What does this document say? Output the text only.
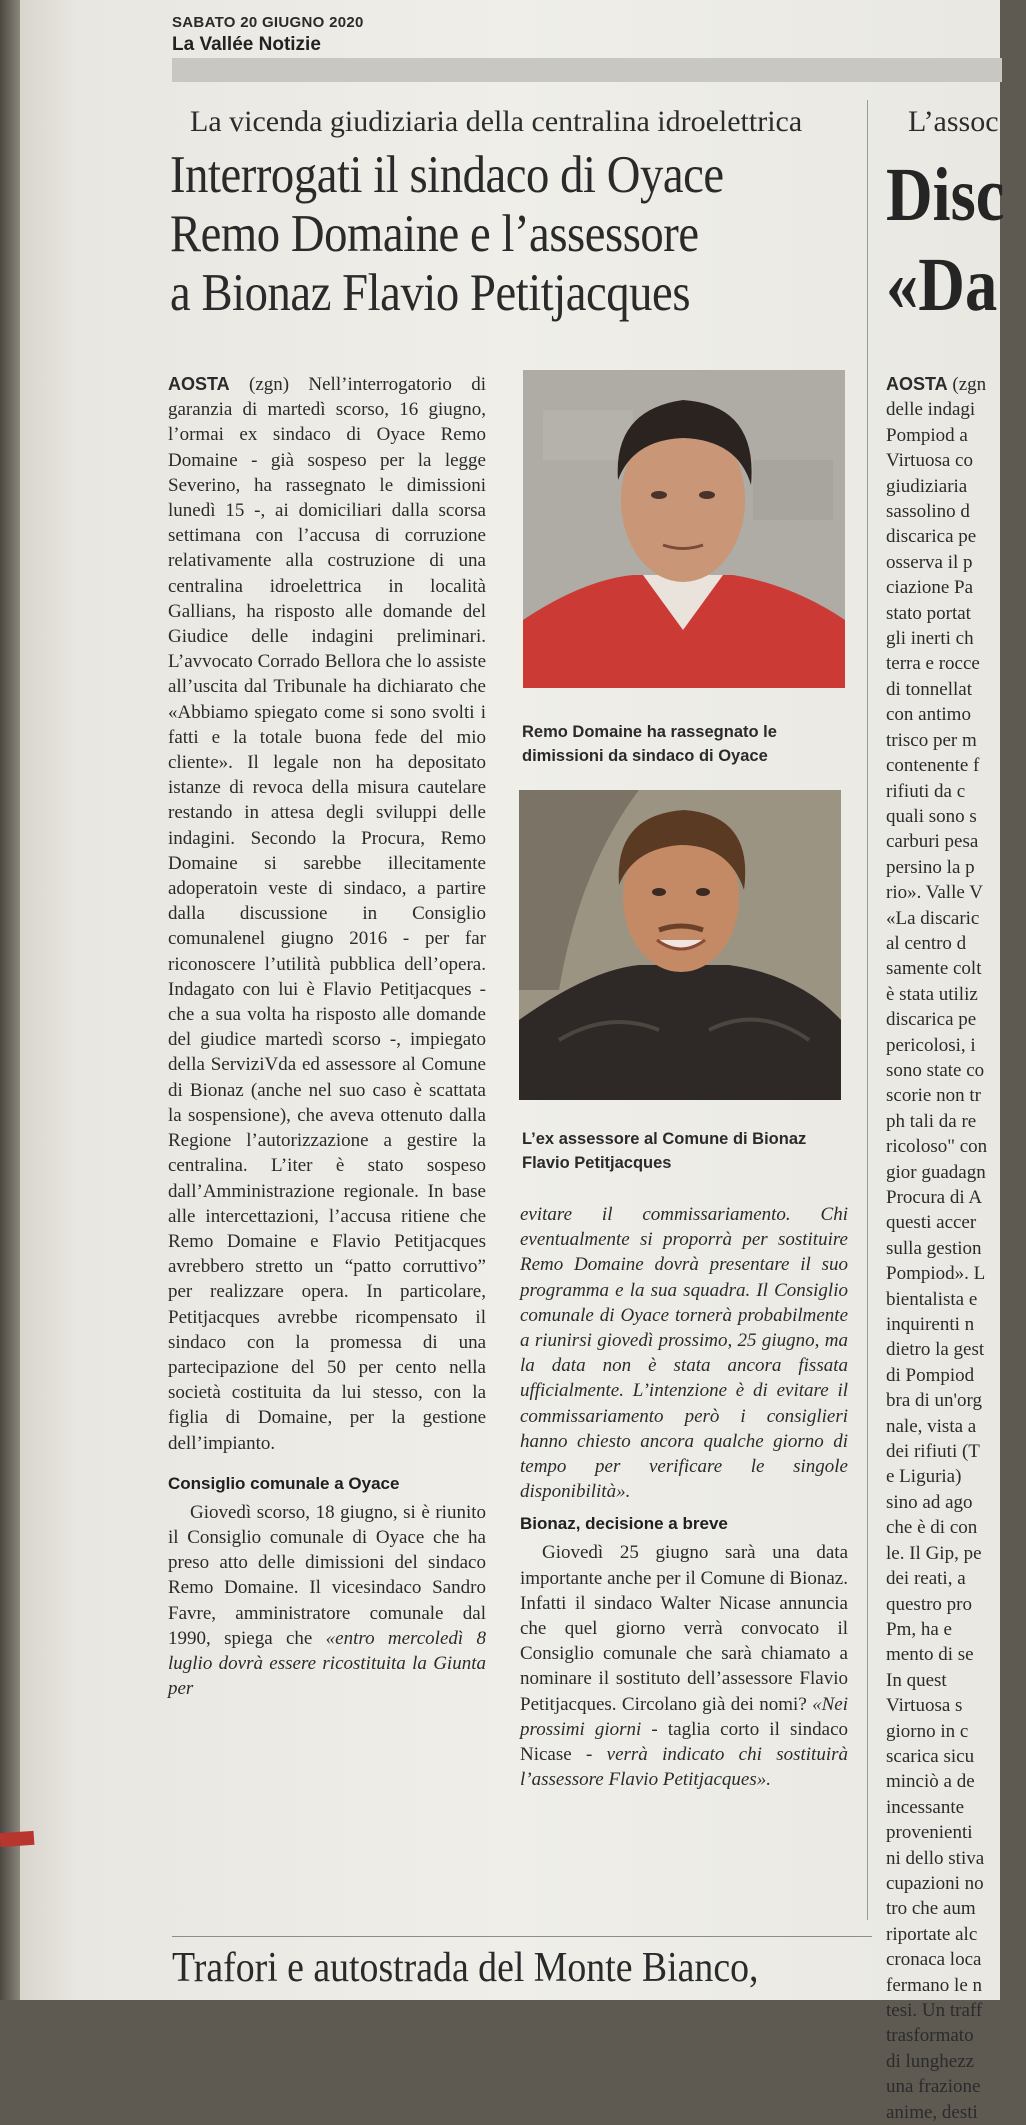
SABATO 20 GIUGNO 2020
La Vallée Notizie
La vicenda giudiziaria della centralina idroelettrica
Interrogati il sindaco di Oyace
Remo Domaine e l’assessore
a Bionaz Flavio Petitjacques
L’assoc
Disc
«Da

AOSTA (zgn) Nell’interrogatorio di garanzia di martedì scorso, 16 giugno, l’ormai ex sindaco di Oyace Remo Domaine - già sospeso per la legge Severino, ha rassegnato le dimissioni lunedì 15 -, ai domiciliari dalla scorsa settimana con l’accusa di corruzione relativamente alla costruzione di una centralina idroelettrica in località Gallians, ha risposto alle domande del Giudice delle indagini preliminari. L’avvocato Corrado Bellora che lo assiste all’uscita dal Tribunale ha dichiarato che «Abbiamo spiegato come si sono svolti i fatti e la totale buona fede del mio cliente». Il legale non ha depositato istanze di revoca della misura cautelare restando in attesa degli sviluppi delle indagini. Secondo la Procura, Remo Domaine si sarebbe illecitamente adoperatoin veste di sindaco, a partire dalla discussione in Consiglio comunalenel giugno 2016 - per far riconoscere l’utilità pubblica dell’opera. Indagato con lui è Flavio Petitjacques - che a sua volta ha risposto alle domande del giudice martedì scorso -, impiegato della ServiziVda ed assessore al Comune di Bionaz (anche nel suo caso è scattata la sospensione), che aveva ottenuto dalla Regione l’autorizzazione a gestire la centralina. L’iter è stato sospeso dall’Amministrazione regionale. In base alle intercettazioni, l’accusa ritiene che Remo Domaine e Flavio Petitjacques avrebbero stretto un “patto corruttivo” per realizzare opera. In particolare, Petitjacques avrebbe ricompensato il sindaco con la promessa di una partecipazione del 50 per cento nella società costituita da lui stesso, con la figlia di Domaine, per la gestione dell’impianto.

Consiglio comunale a Oyace

Giovedì scorso, 18 giugno, si è riunito il Consiglio comunale di Oyace che ha preso atto delle dimissioni del sindaco Remo Domaine. Il vicesindaco Sandro Favre, amministratore comunale dal 1990, spiega che «entro mercoledì 8 luglio dovrà essere ricostituita la Giunta per

Remo Domaine ha rassegnato le dimissioni da sindaco di Oyace
L’ex assessore al Comune di Bionaz Flavio Petitjacques

evitare il commissariamento. Chi eventualmente si proporrà per sostituire Remo Domaine dovrà presentare il suo programma e la sua squadra. Il Consiglio comunale di Oyace tornerà probabilmente a riunirsi giovedì prossimo, 25 giugno, ma la data non è stata ancora fissata ufficialmente. L’intenzione è di evitare il commissariamento però i consiglieri hanno chiesto ancora qualche giorno di tempo per verificare le singole disponibilità».

Bionaz, decisione a breve

Giovedì 25 giugno sarà una data importante anche per il Comune di Bionaz. Infatti il sindaco Walter Nicase annuncia che quel giorno verrà convocato il Consiglio comunale che sarà chiamato a nominare il sostituto dell’assessore Flavio Petitjacques. Circolano già dei nomi? «Nei prossimi giorni - taglia corto il sindaco Nicase - verrà indicato chi sostituirà l’assessore Flavio Petitjacques».

AOSTA (zgn
delle indagi
Pompiod a
Virtuosa co
giudiziaria
sassolino d
discarica pe
osserva il p
ciazione Pa
stato portat
gli inerti ch
terra e rocce
di tonnellat
con antimo
trisco per m
contenente f
rifiuti da c
quali sono s
carburi pesa
persino la p
rio». Valle V
«La discaric
al centro d
samente colt
è stata utiliz
discarica pe
pericolosi, i
sono state co
scorie non tr
ph tali da re
ricoloso" con
gior guadagn
Procura di A
questi accer
sulla gestion
Pompiod». L
bientalista e
inquirenti n
dietro la gest
di Pompiod
bra di un'org
nale, vista a
dei rifiuti (T
e Liguria)
sino ad ago
che è di con
le. Il Gip, pe
dei reati, a
questro pro
Pm, ha e
mento di se
In quest
Virtuosa s
giorno in c
scarica sicu
minciò a de
incessante
provenienti
ni dello stiva
cupazioni no
tro che aum
riportate alc
cronaca loca
fermano le n
tesi. Un traff
trasformato
di lunghezz
una frazione
anime, desti
Trafori e autostrada del Monte Bianco,
